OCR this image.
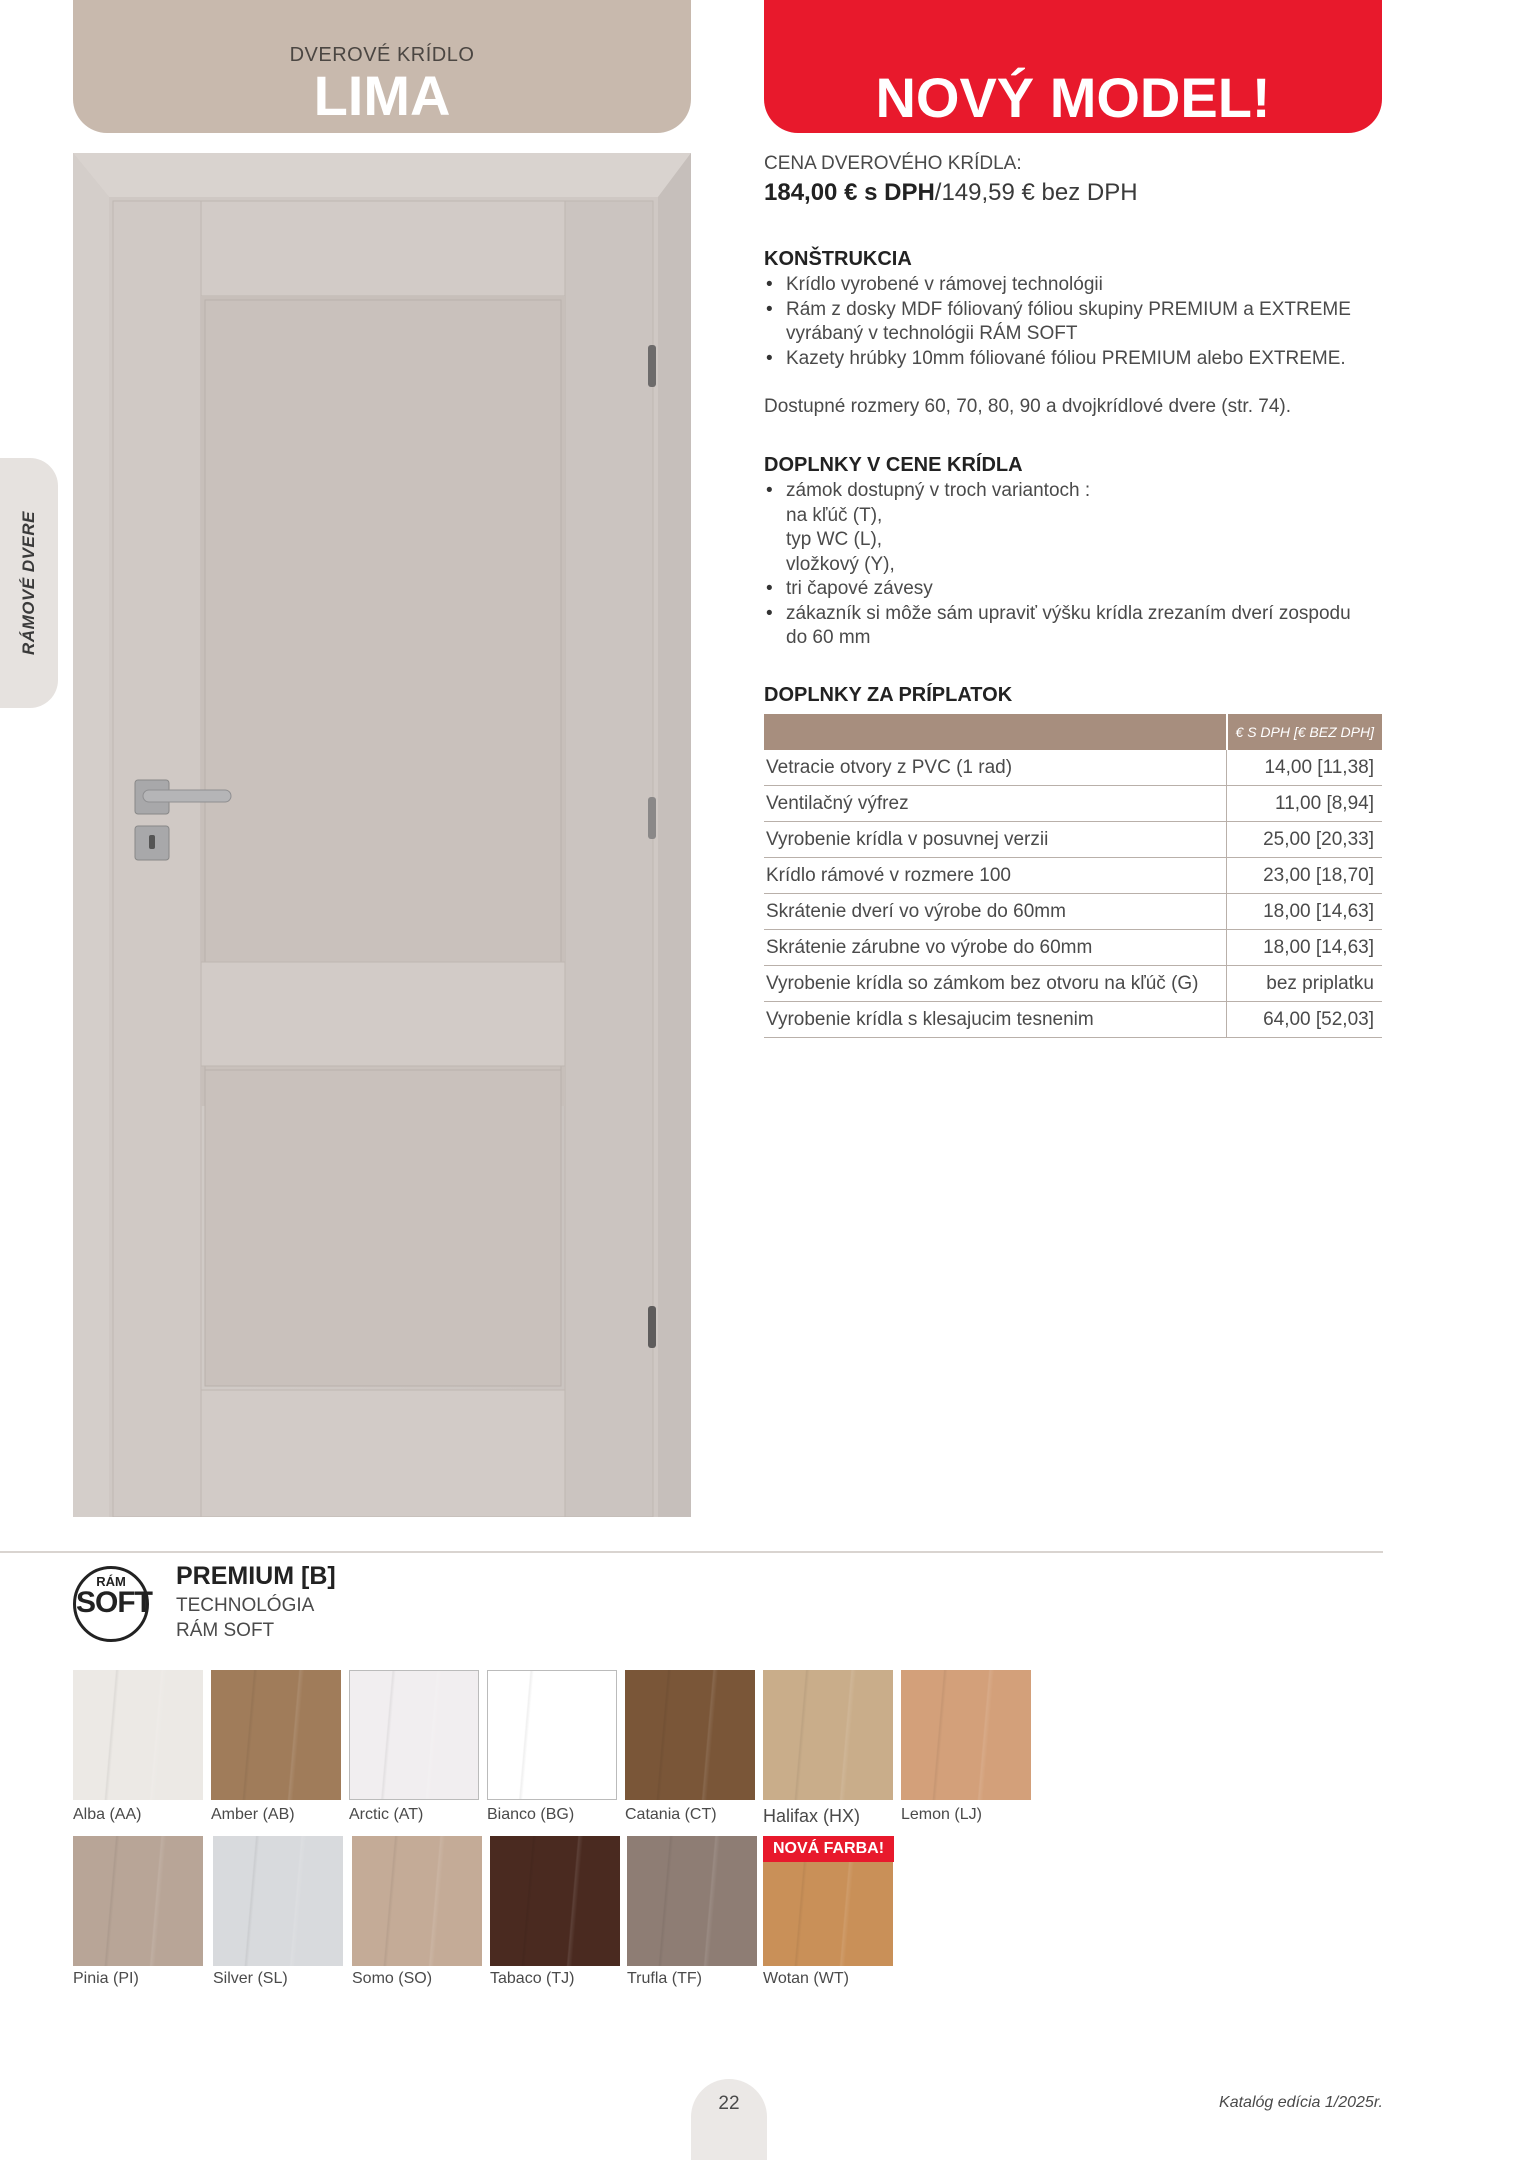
DVEROVÉ KRÍDLO
LIMA	NOVÝ MODEL!
RÁMOVÉ DVERE
CENA DVEROVÉHO KRÍDLA:
184,00 € s DPH/149,59 € bez DPH
KONŠTRUKCIA
• Krídlo vyrobené v rámovej technológii
• Rám z dosky MDF fóliovaný fóliou skupiny PREMIUM a EXTREME
vyrábaný v technológii RÁM SOFT
• Kazety hrúbky 10mm fóliované fóliou PREMIUM alebo EXTREME.
Dostupné rozmery 60, 70, 80, 90 a dvojkrídlové dvere (str. 74).
DOPLNKY V CENE KRÍDLA
• zámok dostupný v troch variantoch :
na kľúč (T),
typ WC (L),
vložkový (Y),
• tri čapové závesy
• zákazník si môže sám upraviť výšku krídla zrezaním dverí zospodu
do 60 mm
DOPLNKY ZA PRÍPLATOK
	€ S DPH [€ BEZ DPH]
Vetracie otvory z PVC (1 rad)	14,00 [11,38]
Ventilačný výfrez	11,00 [8,94]
Vyrobenie krídla v posuvnej verzii	25,00 [20,33]
Krídlo rámové v rozmere 100	23,00 [18,70]
Skrátenie dverí vo výrobe do 60mm	18,00 [14,63]
Skrátenie zárubne vo výrobe do 60mm	18,00 [14,63]
Vyrobenie krídla so zámkom bez otvoru na kľúč (G)	bez priplatku
Vyrobenie krídla s klesajucim tesnenim	64,00 [52,03]
RÁM
SOFT
PREMIUM [B]
TECHNOLÓGIA
RÁM SOFT
Alba (AA)	Amber (AB)	Arctic (AT)	Bianco (BG)	Catania (CT)	Halifax (HX)	Lemon (LJ)
NOVÁ FARBA!
Pinia (PI)	Silver (SL)	Somo (SO)	Tabaco (TJ)	Trufla (TF)	Wotan (WT)
22	Katalóg edícia 1/2025r.
